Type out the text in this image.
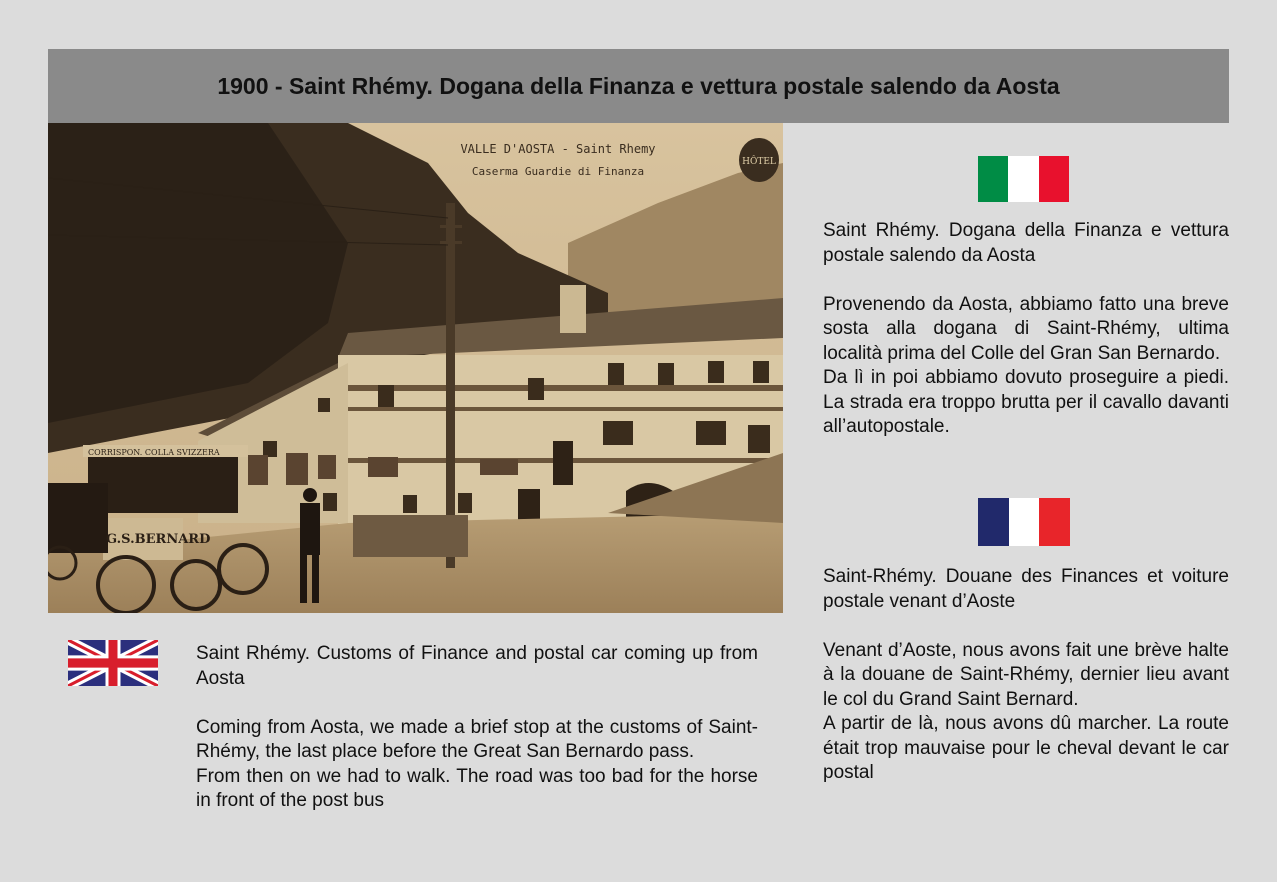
1900 - Saint Rhémy. Dogana della Finanza e vettura postale salendo da Aosta
CORRISPON. COLLA SVIZZERA
G.S.BERNARD
HÔTEL
VALLE D'AOSTA - Saint Rhemy
Caserma Guardie di Finanza

Saint Rhémy. Dogana della Finanza e vettura postale salendo da Aosta

Provenendo da Aosta, abbiamo fatto una breve sosta alla dogana di Saint-Rhémy, ultima località prima del Colle del Gran San Bernardo.

Da lì in poi abbiamo dovuto proseguire a piedi. La strada era troppo brutta per il cavallo davanti all’autopostale.

Saint-Rhémy. Douane des Finances et voiture postale venant d’Aoste

Venant d’Aoste, nous avons fait une brève halte à la douane de Saint-Rhémy, dernier lieu avant le col du Grand Saint Bernard.

A partir de là, nous avons dû marcher. La route était trop mauvaise pour le cheval devant le car postal

Saint Rhémy. Customs of Finance and postal car coming up from Aosta

Coming from Aosta, we made a brief stop at the customs of Saint-Rhémy, the last place before the Great San Bernardo pass.

From then on we had to walk. The road was too bad for the horse in front of the post bus
